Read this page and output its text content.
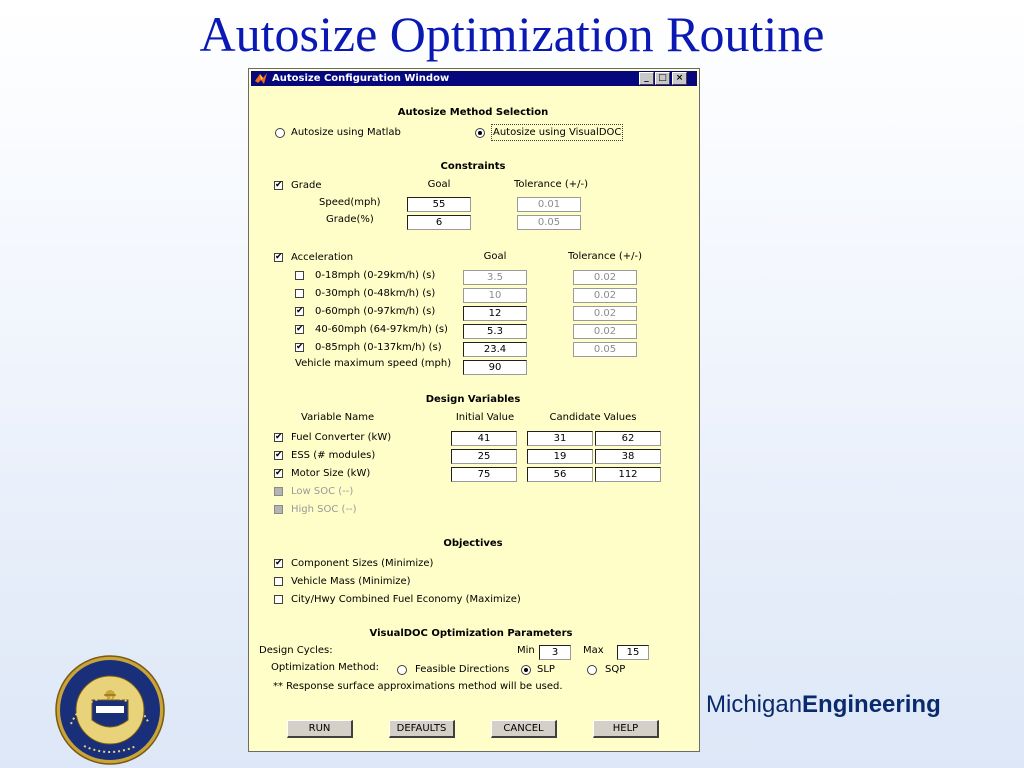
Autosize Optimization Routine
Autosize Configuration Window	_	□ ×
Autosize Method Selection
Autosize using Matlab	Autosize using VisualDOC
Constraints
✔ Grade	Goal	Tolerance (+/-)
Speed(mph)	55	0.01
Grade(%)	6	0.05
✔ Acceleration	Goal	Tolerance (+/-)
0-18mph (0-29km/h) (s)	3.5	0.02
0-30mph (0-48km/h) (s)	10	0.02
✔ 0-60mph (0-97km/h) (s)	12	0.02
✔ 40-60mph (64-97km/h) (s)	5.3	0.02
✔ 0-85mph (0-137km/h) (s)	23.4	0.05
Vehicle maximum speed (mph)	90
Design Variables
Variable Name	Initial Value	Candidate Values
✔ Fuel Converter (kW)	41	31	62
✔ ESS (# modules)	25	19	38
✔ Motor Size (kW)	75	56	112
Low SOC (--)
High SOC (--)
Objectives
✔ Component Sizes (Minimize)
Vehicle Mass (Minimize)
City/Hwy Combined Fuel Economy (Maximize)
VisualDOC Optimization Parameters
Design Cycles:	Min	3	Max	15
Optimization Method:	Feasible Directions	SLP	SQP
** Response surface approximations method will be used.
RUN	DEFAULTS	CANCEL	HELP
MichiganEngineering
